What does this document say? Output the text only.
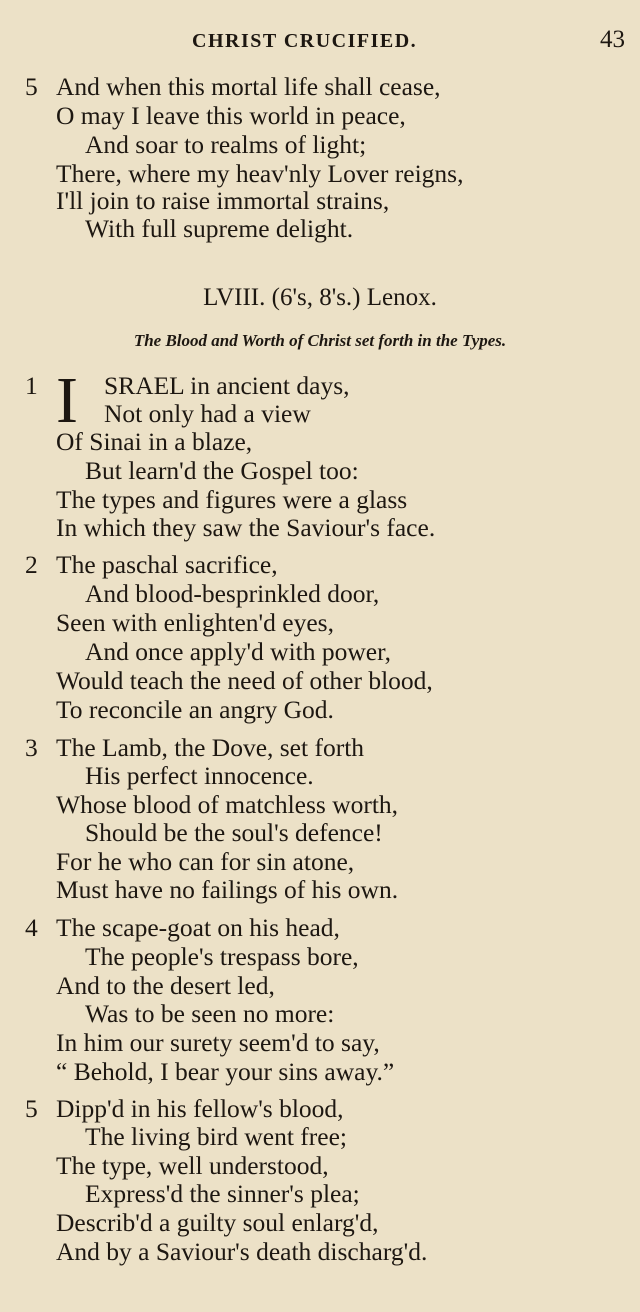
CHRIST CRUCIFIED.	43
5 And when this mortal life shall cease,
O may I leave this world in peace,
And soar to realms of light;
There, where my heav'nly Lover reigns,
I'll join to raise immortal strains,
With full supreme delight.
LVIII. (6's, 8's.) Lenox.
The Blood and Worth of Christ set forth in the Types.
1 I SRAEL in ancient days,
Not only had a view
Of Sinai in a blaze,
But learn'd the Gospel too:
The types and figures were a glass
In which they saw the Saviour's face.
2 The paschal sacrifice,
And blood-besprinkled door,
Seen with enlighten'd eyes,
And once apply'd with power,
Would teach the need of other blood,
To reconcile an angry God.
3 The Lamb, the Dove, set forth
His perfect innocence.
Whose blood of matchless worth,
Should be the soul's defence!
For he who can for sin atone,
Must have no failings of his own.
4 The scape-goat on his head,
The people's trespass bore,
And to the desert led,
Was to be seen no more:
In him our surety seem'd to say,
“ Behold, I bear your sins away.”
5 Dipp'd in his fellow's blood,
The living bird went free;
The type, well understood,
Express'd the sinner's plea;
Describ'd a guilty soul enlarg'd,
And by a Saviour's death discharg'd.
